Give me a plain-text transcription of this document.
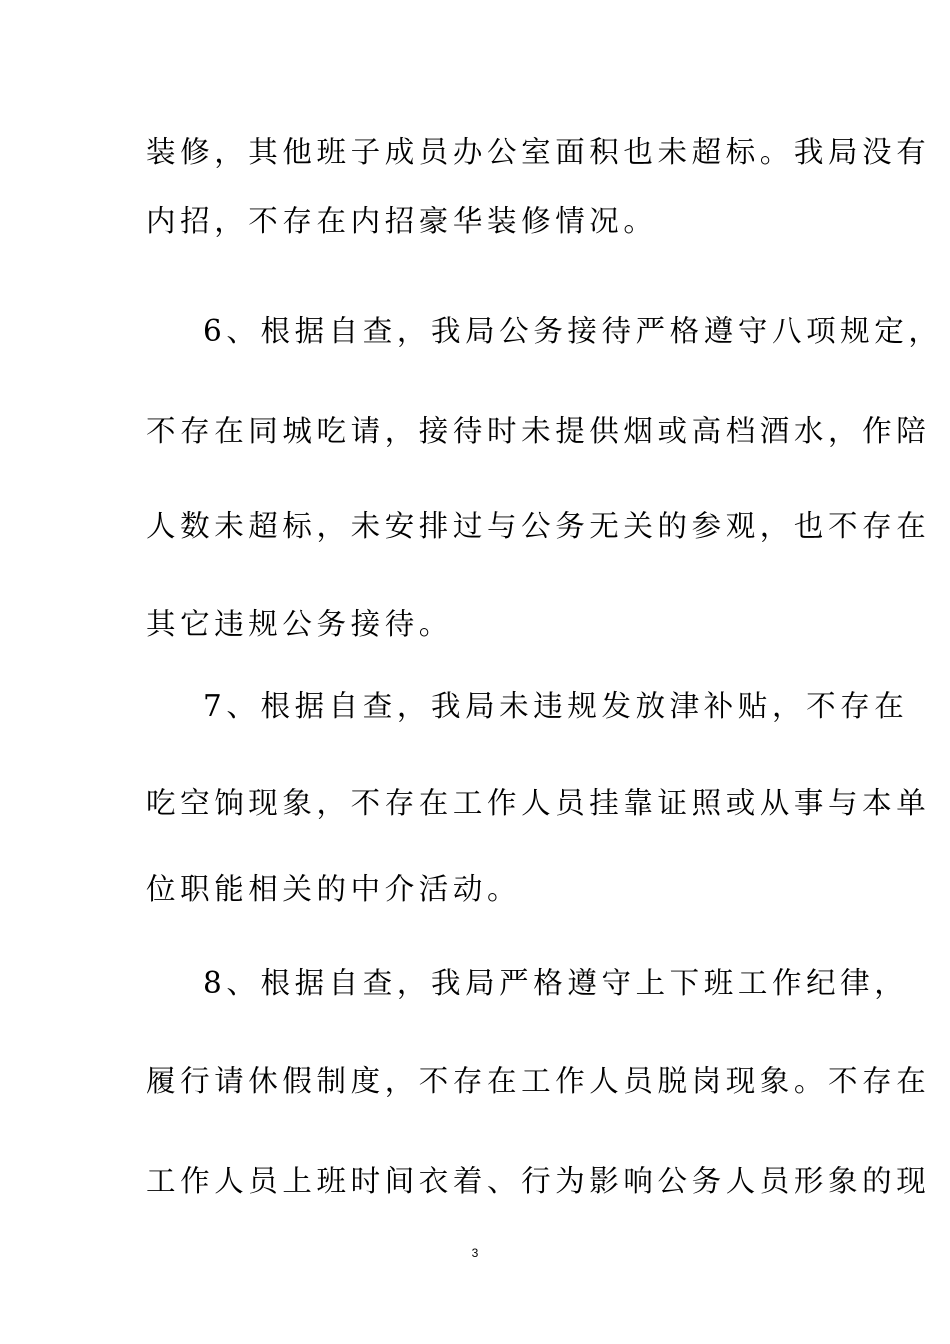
装修，其他班子成员办公室面积也未超标。我局没有
内招，不存在内招豪华装修情况。
6、根据自查，我局公务接待严格遵守八项规定，
不存在同城吃请，接待时未提供烟或高档酒水，作陪
人数未超标，未安排过与公务无关的参观，也不存在
其它违规公务接待。
7、根据自查，我局未违规发放津补贴，不存在
吃空饷现象，不存在工作人员挂靠证照或从事与本单
位职能相关的中介活动。
8、根据自查，我局严格遵守上下班工作纪律，
履行请休假制度，不存在工作人员脱岗现象。不存在
工作人员上班时间衣着、行为影响公务人员形象的现
3
